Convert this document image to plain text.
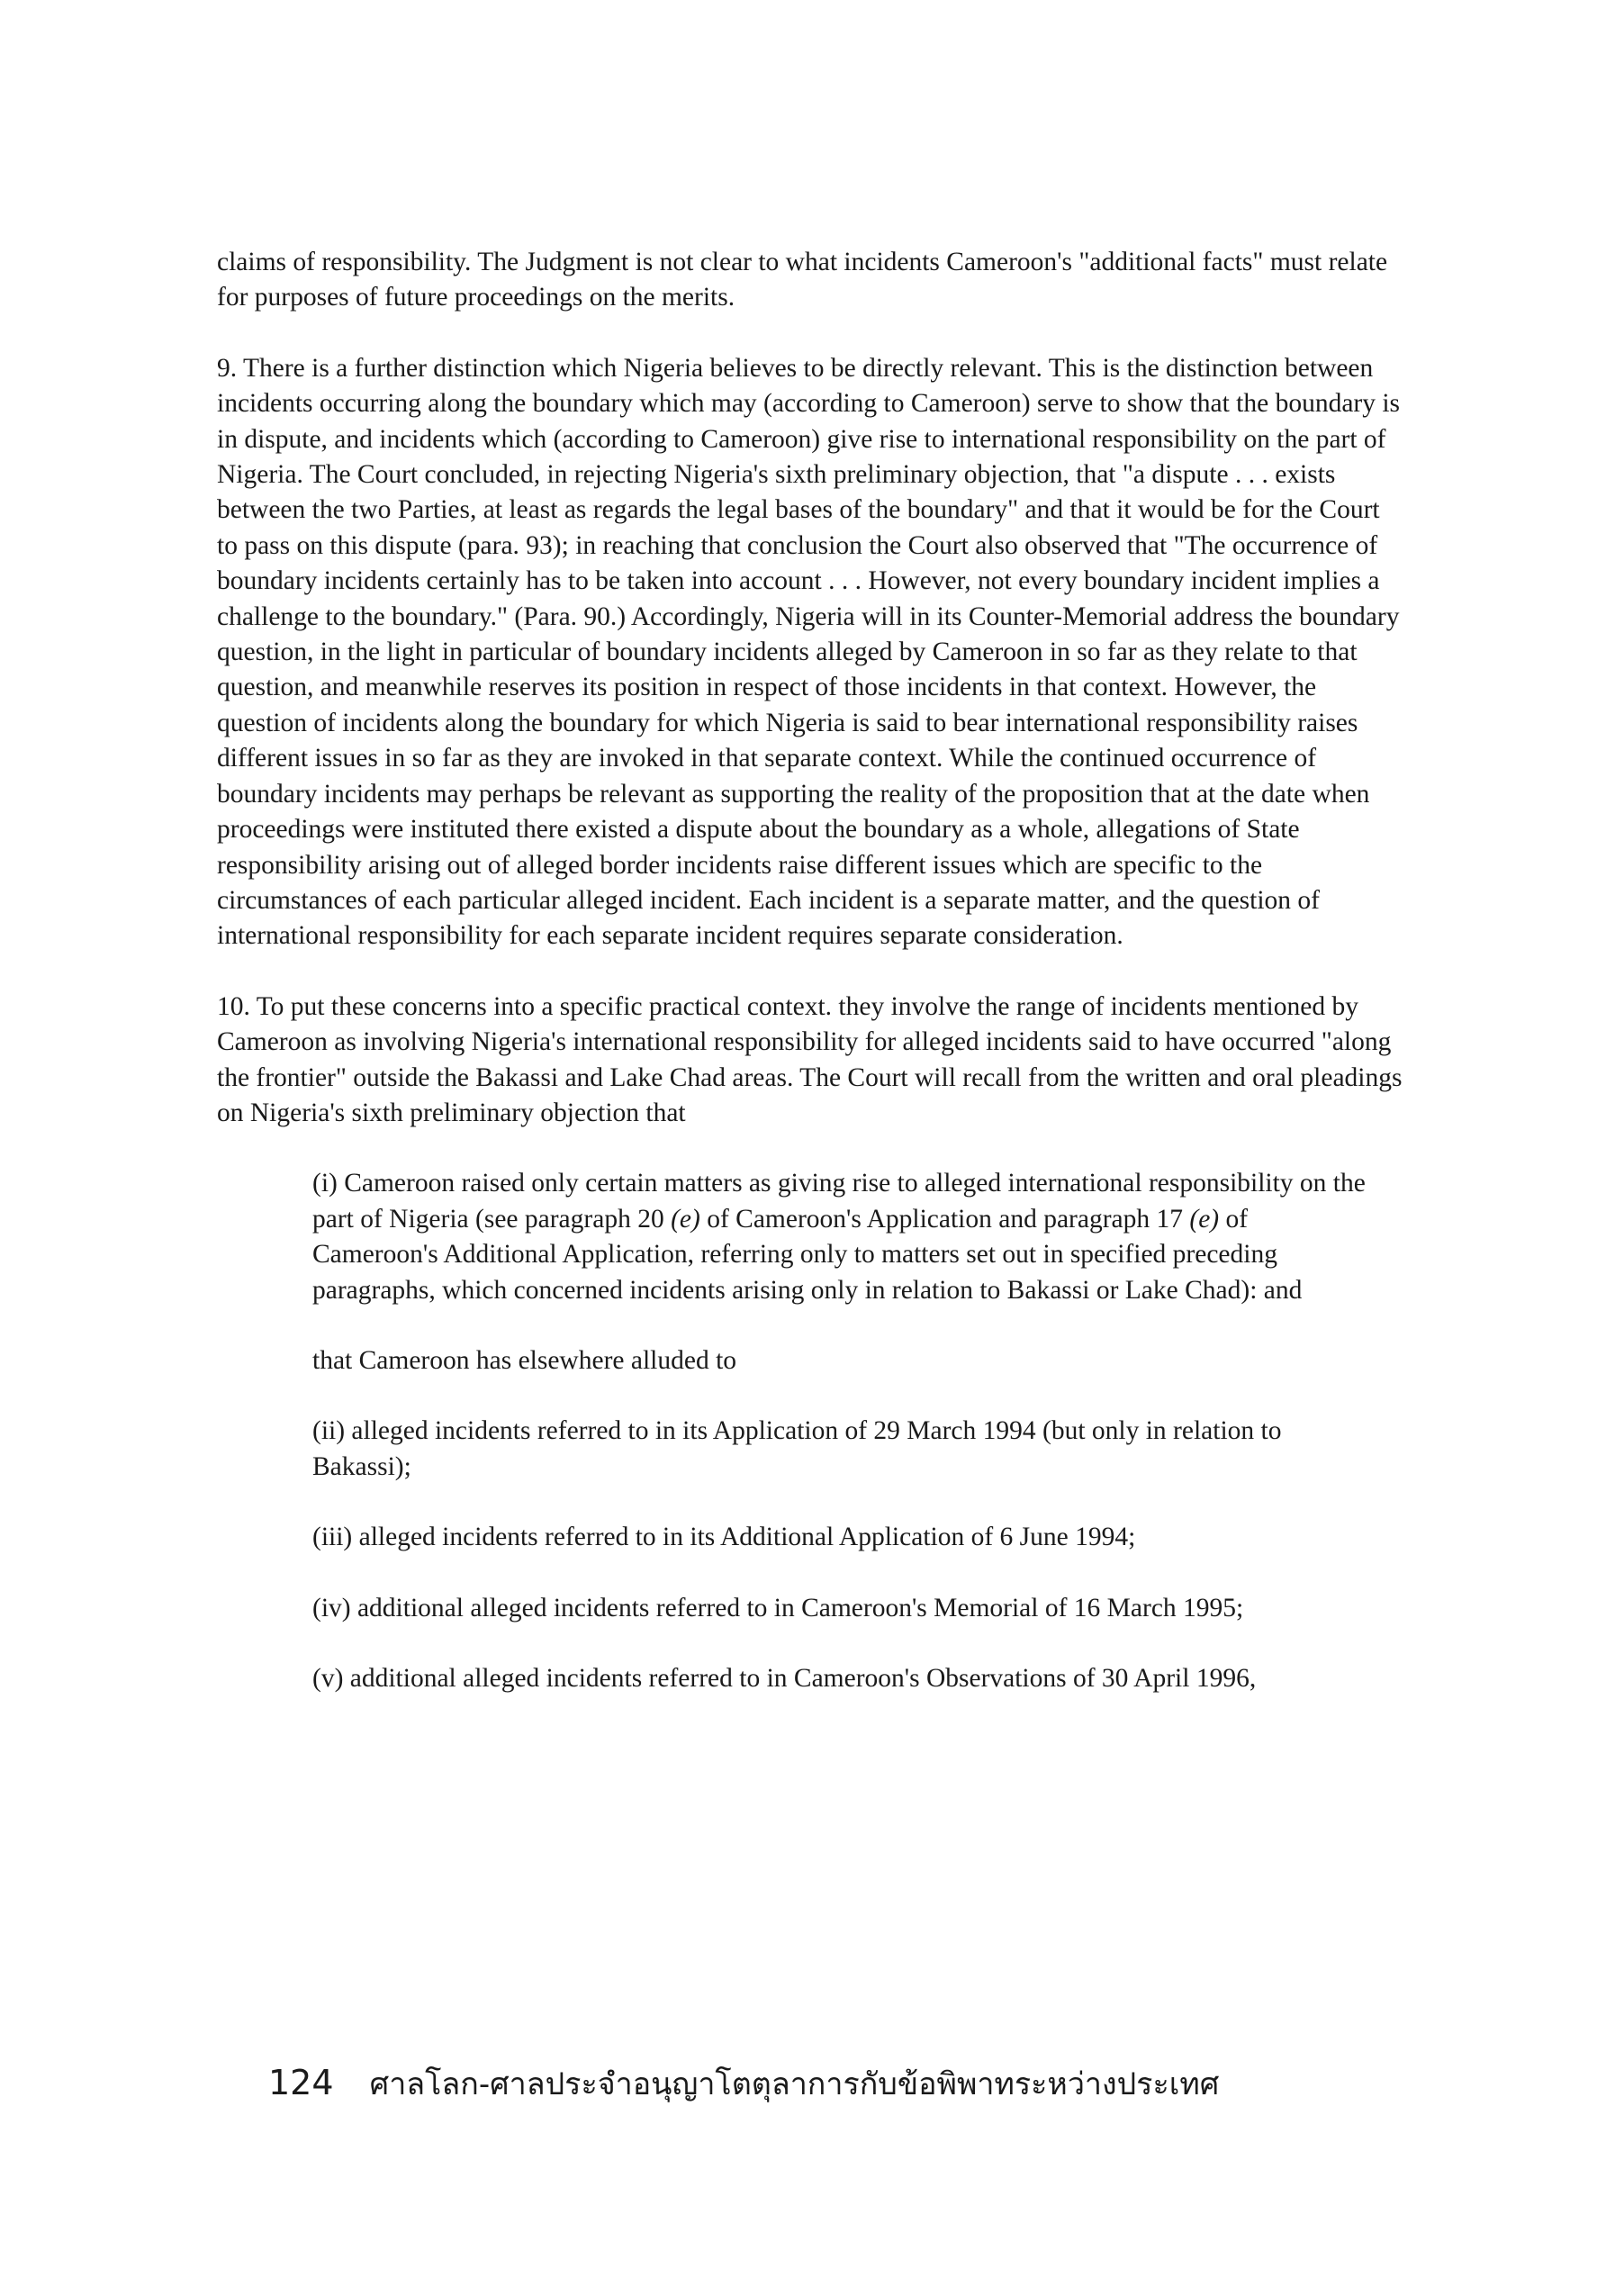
claims of responsibility. The Judgment is not clear to what incidents Cameroon's "additional facts" must relate for purposes of future proceedings on the merits.

9. There is a further distinction which Nigeria believes to be directly relevant. This is the distinction between incidents occurring along the boundary which may (according to Cameroon) serve to show that the boundary is in dispute, and incidents which (according to Cameroon) give rise to international responsibility on the part of Nigeria. The Court concluded, in rejecting Nigeria's sixth preliminary objection, that "a dispute . . . exists between the two Parties, at least as regards the legal bases of the boundary" and that it would be for the Court to pass on this dispute (para. 93); in reaching that conclusion the Court also observed that "The occurrence of boundary incidents certainly has to be taken into account . . . However, not every boundary incident implies a challenge to the boundary." (Para. 90.) Accordingly, Nigeria will in its Counter-Memorial address the boundary question, in the light in particular of boundary incidents alleged by Cameroon in so far as they relate to that question, and meanwhile reserves its position in respect of those incidents in that context. However, the question of incidents along the boundary for which Nigeria is said to bear international responsibility raises different issues in so far as they are invoked in that separate context. While the continued occurrence of boundary incidents may perhaps be relevant as supporting the reality of the proposition that at the date when proceedings were instituted there existed a dispute about the boundary as a whole, allegations of State responsibility arising out of alleged border incidents raise different issues which are specific to the circumstances of each particular alleged incident. Each incident is a separate matter, and the question of international responsibility for each separate incident requires separate consideration.

10. To put these concerns into a specific practical context. they involve the range of incidents mentioned by Cameroon as involving Nigeria's international responsibility for alleged incidents said to have occurred "along the frontier" outside the Bakassi and Lake Chad areas. The Court will recall from the written and oral pleadings on Nigeria's sixth preliminary objection that

(i) Cameroon raised only certain matters as giving rise to alleged international responsibility on the part of Nigeria (see paragraph 20 (e) of Cameroon's Application and paragraph 17 (e) of Cameroon's Additional Application, referring only to matters set out in specified preceding paragraphs, which concerned incidents arising only in relation to Bakassi or Lake Chad): and

that Cameroon has elsewhere alluded to

(ii) alleged incidents referred to in its Application of 29 March 1994 (but only in relation to Bakassi);

(iii) alleged incidents referred to in its Additional Application of 6 June 1994;

(iv) additional alleged incidents referred to in Cameroon's Memorial of 16 March 1995;

(v) additional alleged incidents referred to in Cameroon's Observations of 30 April 1996,

124 ศาลโลก-ศาลประจำอนุญาโตตุลาการกับข้อพิพาทระหว่างประเทศ
